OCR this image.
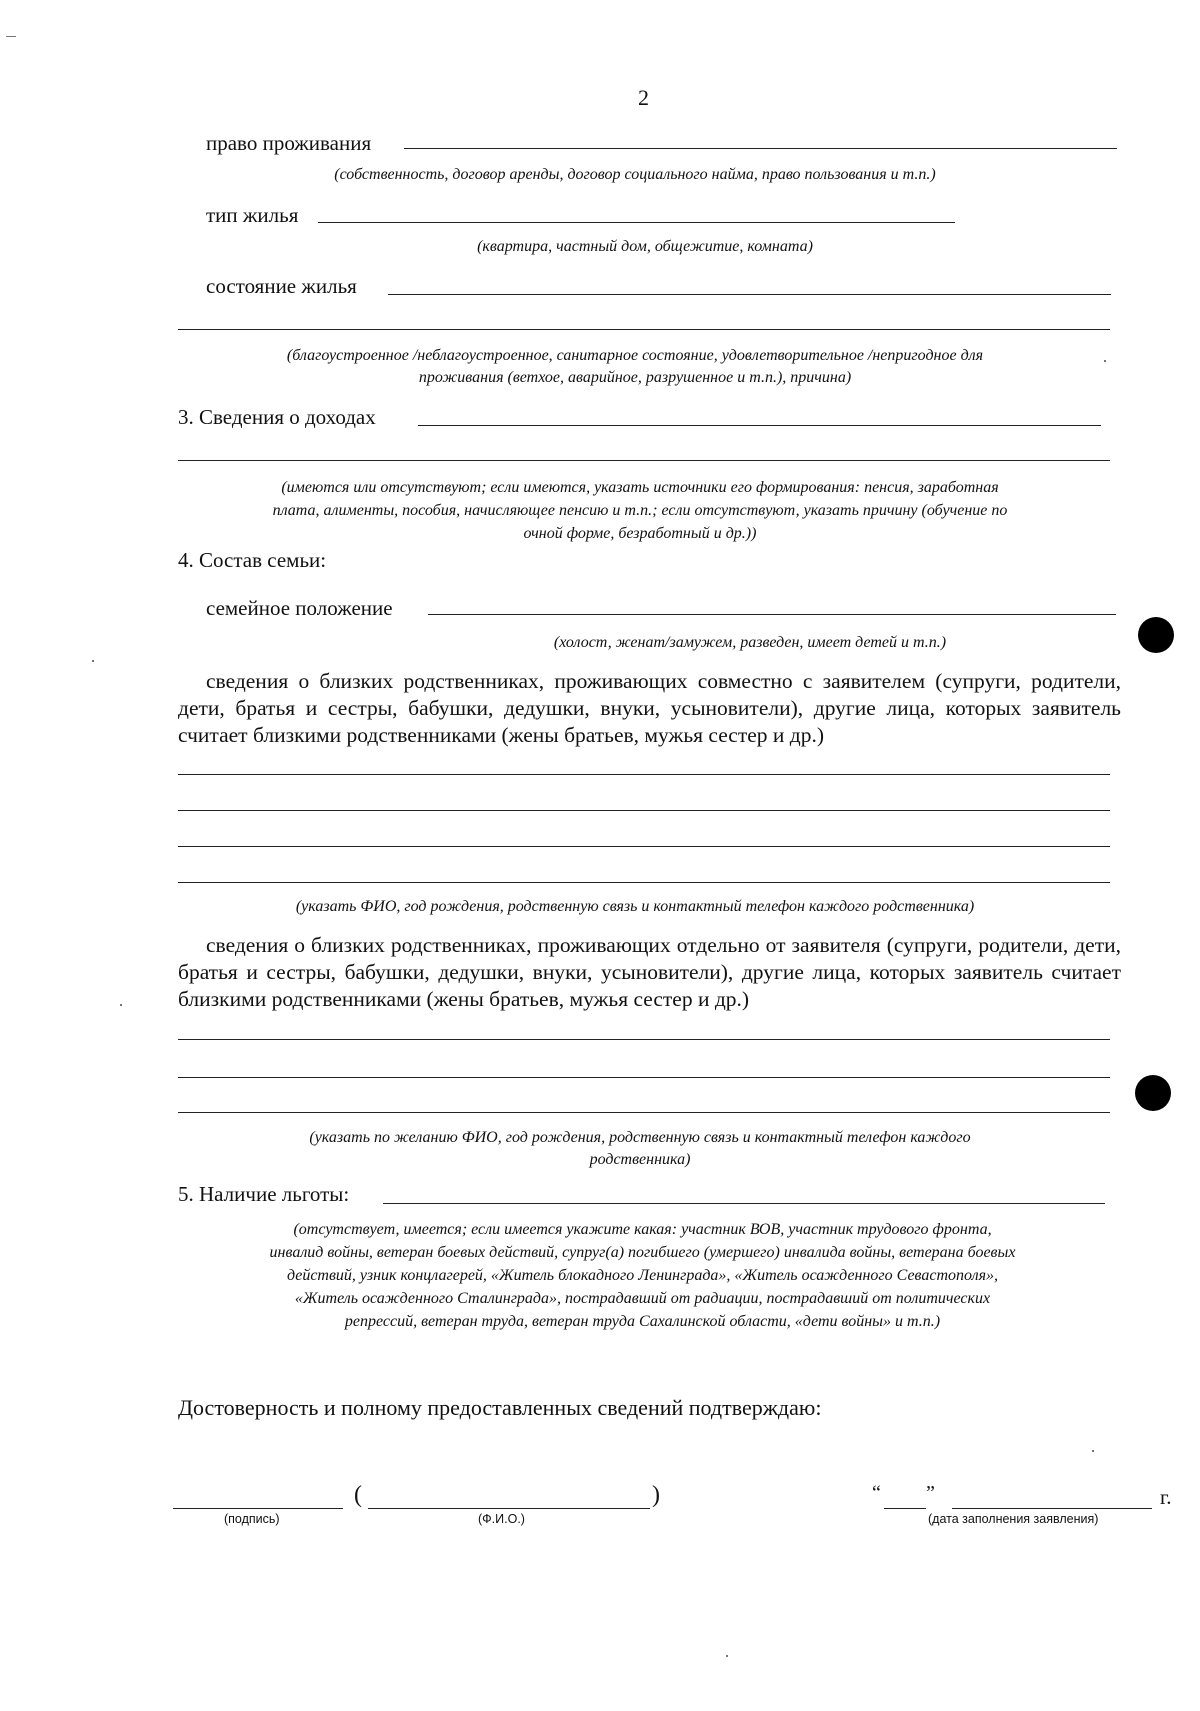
2
право проживания
(собственность, договор аренды, договор социального найма, право пользования и т.п.)
тип жилья
(квартира, частный дом, общежитие, комната)
состояние жилья
(благоустроенное /неблагоустроенное, санитарное состояние, удовлетворительное /непригодное для
проживания (ветхое, аварийное, разрушенное и т.п.), причина)
3. Сведения о доходах
(имеются или отсутствуют; если имеются, указать источники его формирования: пенсия, заработная
плата, алименты, пособия, начисляющее пенсию и т.п.; если отсутствуют, указать причину (обучение по
очной форме, безработный и др.))
4. Состав семьи:
семейное положение
(холост, женат/замужем, разведен, имеет детей и т.п.)
сведения о близких родственниках, проживающих совместно с заявителем (супруги, родители, дети, братья и сестры, бабушки, дедушки, внуки, усыновители), другие лица, которых заявитель считает близкими родственниками (жены братьев, мужья сестер и др.)
(указать ФИО, год рождения, родственную связь и контактный телефон каждого родственника)
сведения о близких родственниках, проживающих отдельно от заявителя (супруги, родители, дети, братья и сестры, бабушки, дедушки, внуки, усыновители), другие лица, которых заявитель считает близкими родственниками (жены братьев, мужья сестер и др.)
(указать по желанию ФИО, год рождения, родственную связь и контактный телефон каждого
родственника)
5. Наличие льготы:
(отсутствует, имеется; если имеется укажите какая: участник ВОВ, участник трудового фронта,
инвалид войны, ветеран боевых действий, супруг(а) погибшего (умершего) инвалида войны, ветерана боевых
действий, узник концлагерей, «Житель блокадного Ленинграда», «Житель осажденного Севастополя»,
«Житель осажденного Сталинграда», пострадавший от радиации, пострадавший от политических
репрессий, ветеран труда, ветеран труда Сахалинской области, «дети войны» и т.п.)
Достоверность и полному предоставленных сведений подтверждаю:
(	)
(подпись)	(Ф.И.О.)
“ ”	г.
(дата заполнения заявления)
